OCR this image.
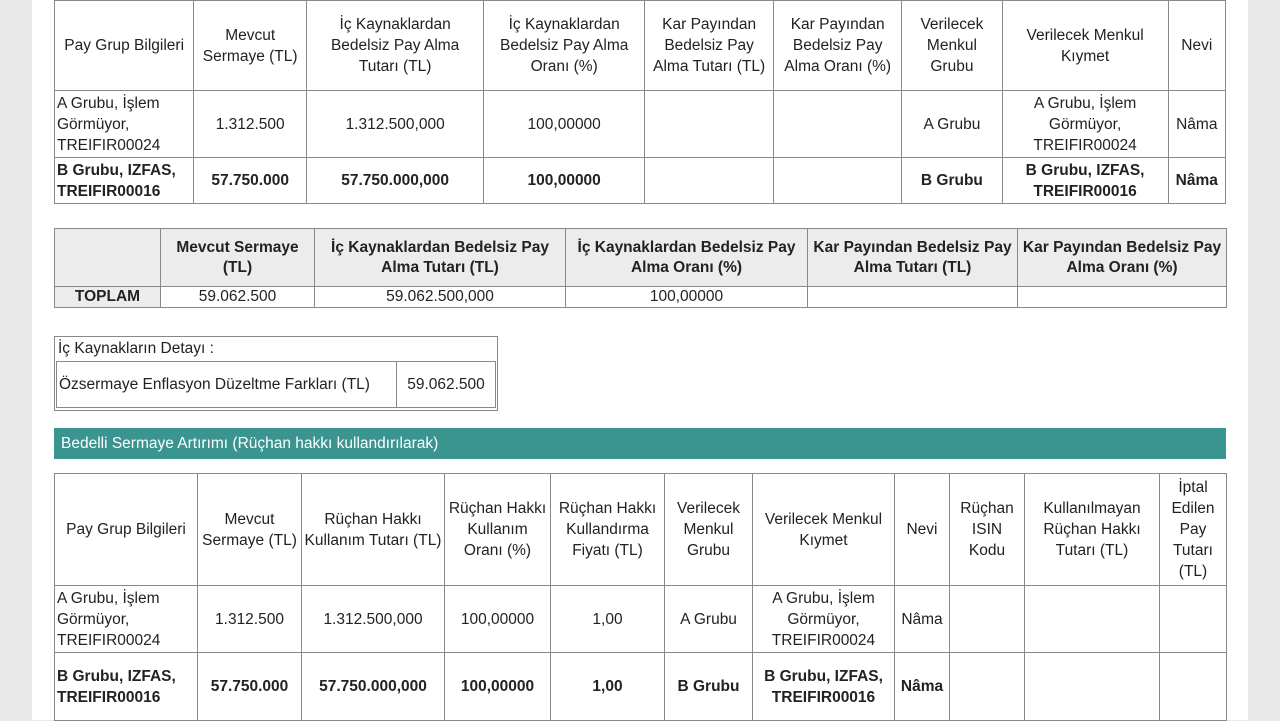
Pay Grup Bilgileri	Mevcut Sermaye (TL)	İç Kaynaklardan Bedelsiz Pay Alma Tutarı (TL)	İç Kaynaklardan Bedelsiz Pay Alma Oranı (%)	Kar Payından Bedelsiz Pay Alma Tutarı (TL)	Kar Payından Bedelsiz Pay Alma Oranı (%)	Verilecek Menkul Grubu	Verilecek Menkul Kıymet	Nevi
A Grubu, İşlem Görmüyor, TREIFIR00024	1.312.500	1.312.500,000	100,00000			A Grubu	A Grubu, İşlem Görmüyor, TREIFIR00024	Nâma
B Grubu, IZFAS, TREIFIR00016	57.750.000	57.750.000,000	100,00000			B Grubu	B Grubu, IZFAS, TREIFIR00016	Nâma
	Mevcut Sermaye (TL)	İç Kaynaklardan Bedelsiz Pay Alma Tutarı (TL)	İç Kaynaklardan Bedelsiz Pay Alma Oranı (%)	Kar Payından Bedelsiz Pay Alma Tutarı (TL)	Kar Payından Bedelsiz Pay Alma Oranı (%)
TOPLAM	59.062.500	59.062.500,000	100,00000		
İç Kaynakların Detayı :
Özsermaye Enflasyon Düzeltme Farkları (TL)	59.062.500
Bedelli Sermaye Artırımı (Rüçhan hakkı kullandırılarak)
Pay Grup Bilgileri	Mevcut Sermaye (TL)	Rüçhan Hakkı Kullanım Tutarı (TL)	Rüçhan Hakkı Kullanım Oranı (%)	Rüçhan Hakkı Kullandırma Fiyatı (TL)	Verilecek Menkul Grubu	Verilecek Menkul Kıymet	Nevi	Rüçhan ISIN Kodu	Kullanılmayan Rüçhan Hakkı Tutarı (TL)	İptal Edilen Pay Tutarı (TL)
A Grubu, İşlem Görmüyor, TREIFIR00024	1.312.500	1.312.500,000	100,00000	1,00	A Grubu	A Grubu, İşlem Görmüyor, TREIFIR00024	Nâma			
B Grubu, IZFAS, TREIFIR00016	57.750.000	57.750.000,000	100,00000	1,00	B Grubu	B Grubu, IZFAS, TREIFIR00016	Nâma			
